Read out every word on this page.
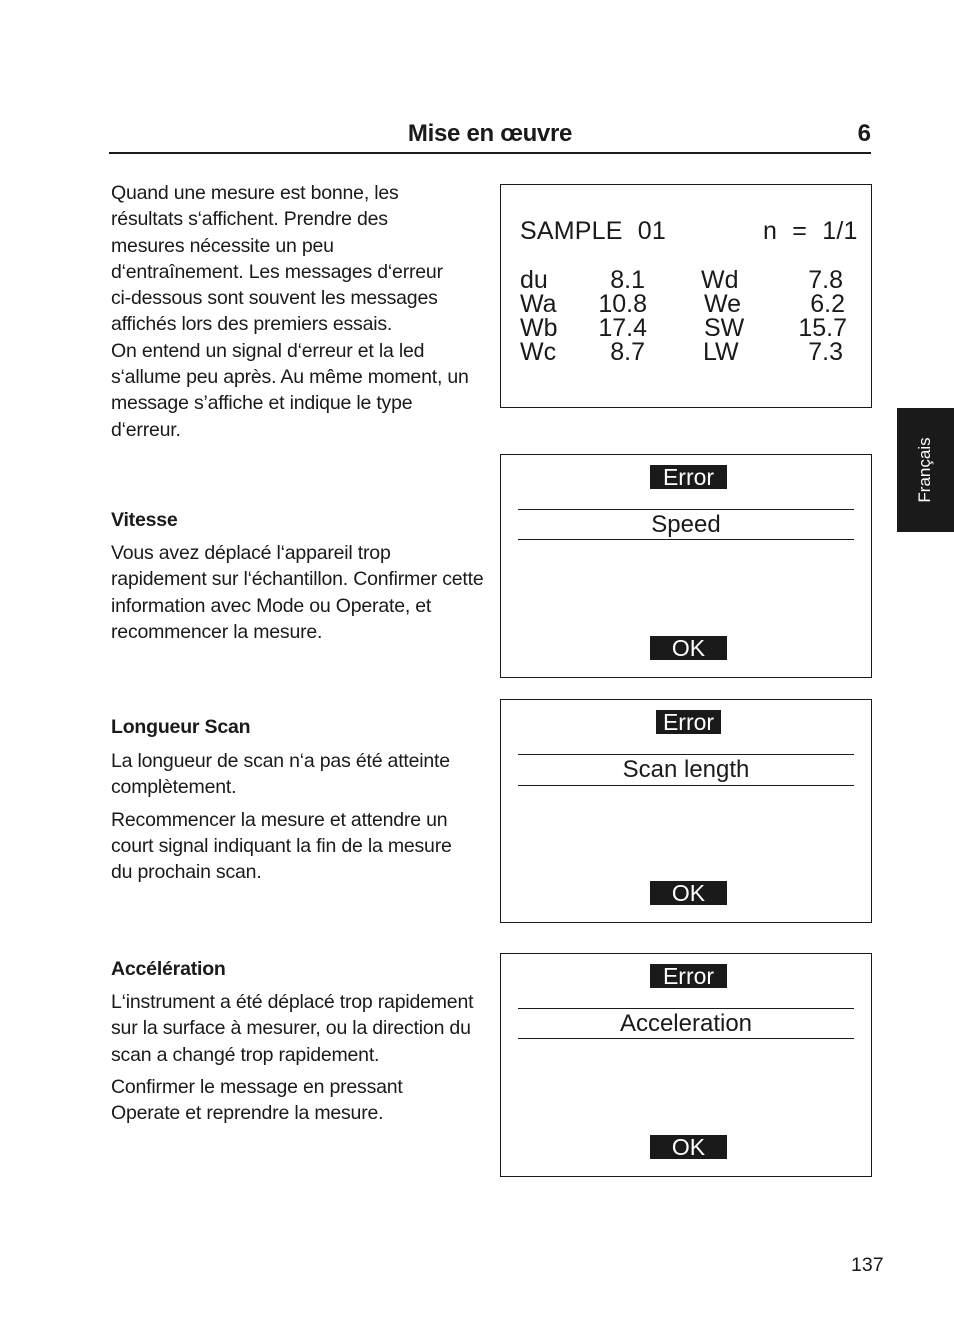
Mise en œuvre	6
Français

Quand une mesure est bonne, les résultats s‘affichent. Prendre des mesures nécessite un peu d‘entraînement. Les messages d‘erreur ci-dessous sont souvent les messages affichés lors des premiers essais.

On entend un signal d‘erreur et la led s‘allume peu après. Au même moment, un message s’affiche et indique le type d‘erreur.

Vitesse

Vous avez déplacé l‘appareil trop rapidement sur l‘échantillon. Confirmer cette information avec Mode ou Operate, et recommencer la mesure.

Longueur Scan

La longueur de scan n‘a pas été atteinte complètement.

Recommencer la mesure et attendre un court signal indiquant la fin de la mesure du prochain scan.

Accélération

L‘instrument a été déplacé trop rapidement sur la surface à mesurer, ou la direction du scan a changé trop rapidement.

Confirmer le message en pressant Operate et reprendre la mesure.

SAMPLE 01	n = 1/1
du	8.1 Wd	7.8
Wa	10.8 We	6.2
Wb	17.4 SW	15.7
Wc	8.7 LW	7.3
Error
Speed
OK
Error
Scan length
OK
Error
Acceleration
OK
137
